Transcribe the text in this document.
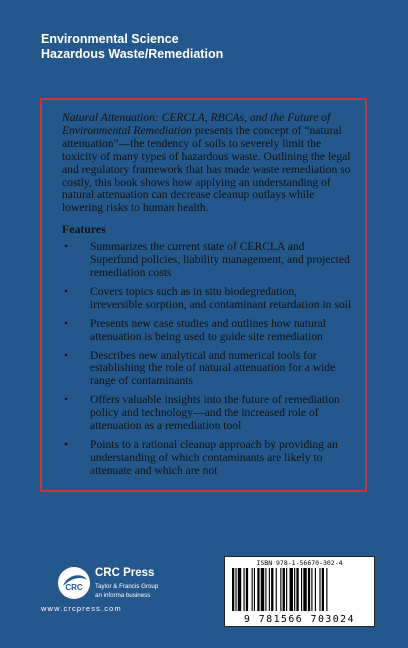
Environmental Science
Hazardous Waste/Remediation

Natural Attenuation: CERCLA, RBCAs, and the Future of Environmental Remediation presents the concept of “natural attenuation”—the tendency of soils to severely limit the toxicity of many types of hazardous waste. Outlining the legal and regulatory framework that has made waste remediation so costly, this book shows how applying an understanding of natural attenuation can decrease cleanup outlays while lowering risks to human health.

Features
• Summarizes the current state of CERCLA and Superfund policies, liability management, and projected remediation costs
• Covers topics such as in situ biodegredation, irreversible sorption, and contaminant retardation in soil
• Presents new case studies and outlines how natural attenuation is being used to guide site remediation
• Describes new analytical and numerical tools for establishing the role of natural attenuation for a wide range of contaminants
• Offers valuable insights into the future of remediation policy and technology—and the increased role of attenuation as a remediation tool
• Points to a rational cleanup approach by providing an understanding of which contaminants are likely to attenuate and which are not
CRC
CRC Press
Taylor & Francis Group
an informa business
www.crcpress.com
ISBN 978-1-56670-302-4
9 781566 703024
